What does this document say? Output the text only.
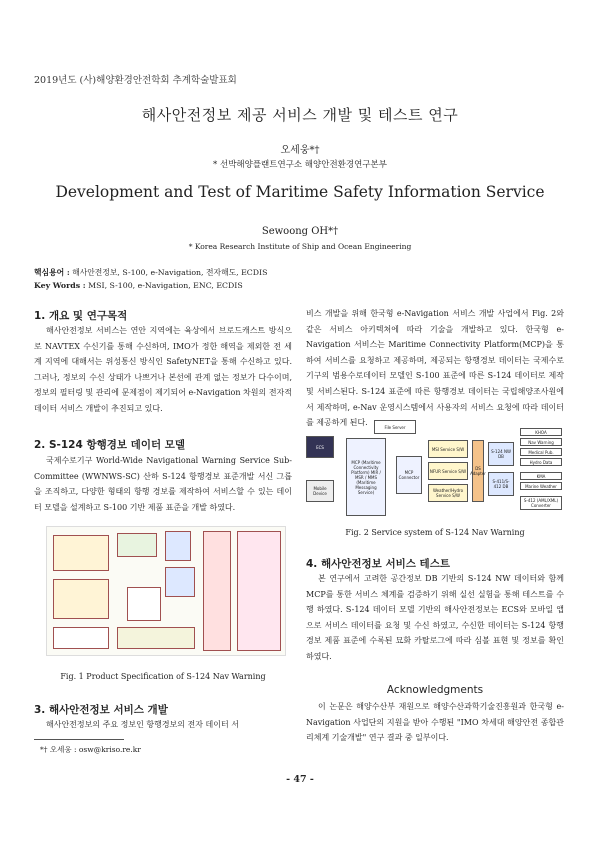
2019년도 (사)해양환경안전학회 추계학술발표회
해사안전정보 제공 서비스 개발 및 테스트 연구
오세웅*†
* 선박해양플랜트연구소 해양안전환경연구본부
Development and Test of Maritime Safety Information Service
Sewoong OH*†
* Korea Research Institute of Ship and Ocean Engineering
핵심용어 : 해사안전정보, S-100, e-Navigation, 전자해도, ECDIS
Key Words : MSI, S-100, e-Navigation, ENC, ECDIS
1. 개요 및 연구목적
해사안전정보 서비스는 연안 지역에는 육상에서 브로드캐스트 방식으로 NAVTEX 수신기를 통해 수신하며, IMO가 정한 해역을 제외한 전 세계 지역에 대해서는 위성통신 방식인 SafetyNET을 통해 수신하고 있다. 그러나, 정보의 수신 상태가 나쁘거나 본선에 관계 없는 정보가 다수이며, 정보의 필터링 및 관리에 문제점이 제기되어 e-Navigation 차원의 전자적 데이터 서비스 개발이 추진되고 있다.
2. S-124 항행경보 데이터 모델
국제수로기구 World-Wide Navigational Warning Service Sub-Committee (WWNWS-SC) 산하 S-124 항행경보 표준개발 서신 그룹을 조직하고, 다양한 형태의 항행 경보를 제작하여 서비스할 수 있는 데이터 모델을 설계하고 S-100 기반 제품 표준을 개발 하였다.
Fig. 1 Product Specification of S-124 Nav Warning
3. 해사안전정보 서비스 개발
해사안전정보의 주요 정보인 항행경보의 전자 데이터 서
*† 오세웅 : osw@kriso.re.kr
비스 개발을 위해 한국형 e-Navigation 서비스 개발 사업에서 Fig. 2와 같은 서비스 아키텍쳐에 따라 기술을 개발하고 있다. 한국형 e-Navigation 서비스는 Maritime Connectivity Platform(MCP)을 통하여 서비스를 요청하고 제공하며, 제공되는 항행경보 데이터는 국제수로기구의 범용수로데이터 모델인 S-100 표준에 따른 S-124 데이터로 제작 및 서비스된다. S-124 표준에 따른 항행경보 데이터는 국립해양조사원에서 제작하며, e-Nav 운영시스템에서 사용자의 서비스 요청에 따라 데이터를 제공하게 된다.	File Server
ECS
Mobile Device
MCP (Maritime Connectivity Platform) MIR / MSR / MMS (Maritime Messaging Service)
MCP Connector
MSI Service S/W
NFUR Service S/W
Weather/Hydro Service S/W
DS Adapter
S-124 NW DB
S-411/S-412 DB
KHOA
Nav Warning
Medical Pub.
Hydro Data
KMA
Marine Weather
S-412 (AML/XML) Converter
Fig. 2 Service system of S-124 Nav Warning
4. 해사안전정보 서비스 테스트
본 연구에서 고려한 공간정보 DB 기반의 S-124 NW 데이터와 함께 MCP를 통한 서비스 체계를 검증하기 위해 실선 실험을 통해 테스트를 수행 하였다. S-124 데이터 모델 기반의 해사안전정보는 ECS와 모바일 앱으로 서비스 데이터를 요청 및 수신 하였고, 수신한 데이터는 S-124 항행 경보 제품 표준에 수록된 묘화 카탈로그에 따라 심볼 표현 및 정보를 확인 하였다.
Acknowledgments
이 논문은 해양수산부 재원으로 해양수산과학기술진흥원과 한국형 e-Navigation 사업단의 지원을 받아 수행된 "IMO 차세대 해양안전 종합관리체계 기술개발" 연구 결과 중 일부이다.
- 47 -
